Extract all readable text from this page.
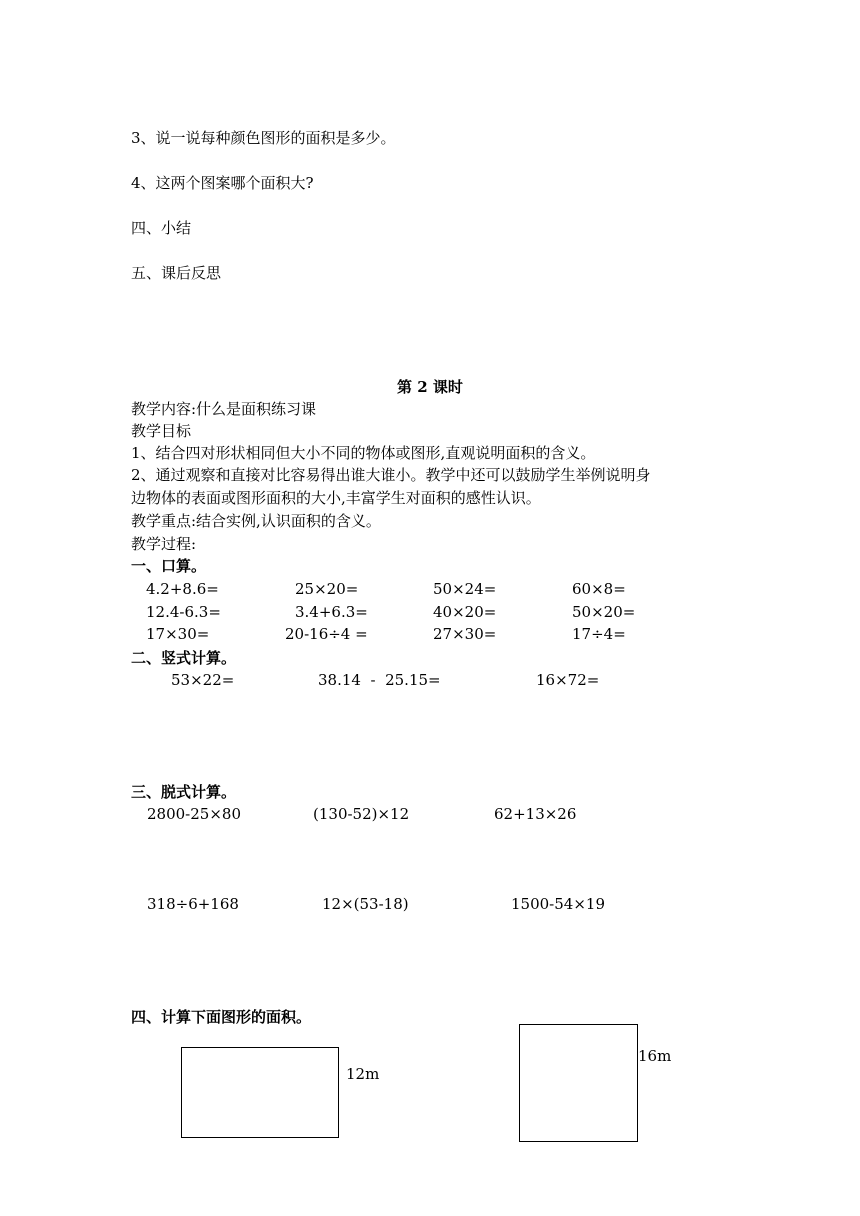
3、说一说每种颜色图形的面积是多少。
4、这两个图案哪个面积大?
四、小结
五、课后反思
第 2 课时
教学内容:什么是面积练习课
教学目标
1、结合四对形状相同但大小不同的物体或图形,直观说明面积的含义。
2、通过观察和直接对比容易得出谁大谁小。教学中还可以鼓励学生举例说明身
边物体的表面或图形面积的大小,丰富学生对面积的感性认识。
教学重点:结合实例,认识面积的含义。
教学过程:
一、口算。
4.2+8.6=	25×20=	50×24=	60×8=
12.4-6.3=	3.4+6.3=	40×20=	50×20=
17×30=	20-16÷4 =	27×30=	17÷4=
二、竖式计算。
53×22=	38.14  -  25.15=	16×72=
三、脱式计算。
2800-25×80	(130-52)×12	62+13×26
318÷6+168	12×(53-18)	1500-54×19
四、计算下面图形的面积。
12m
16m
